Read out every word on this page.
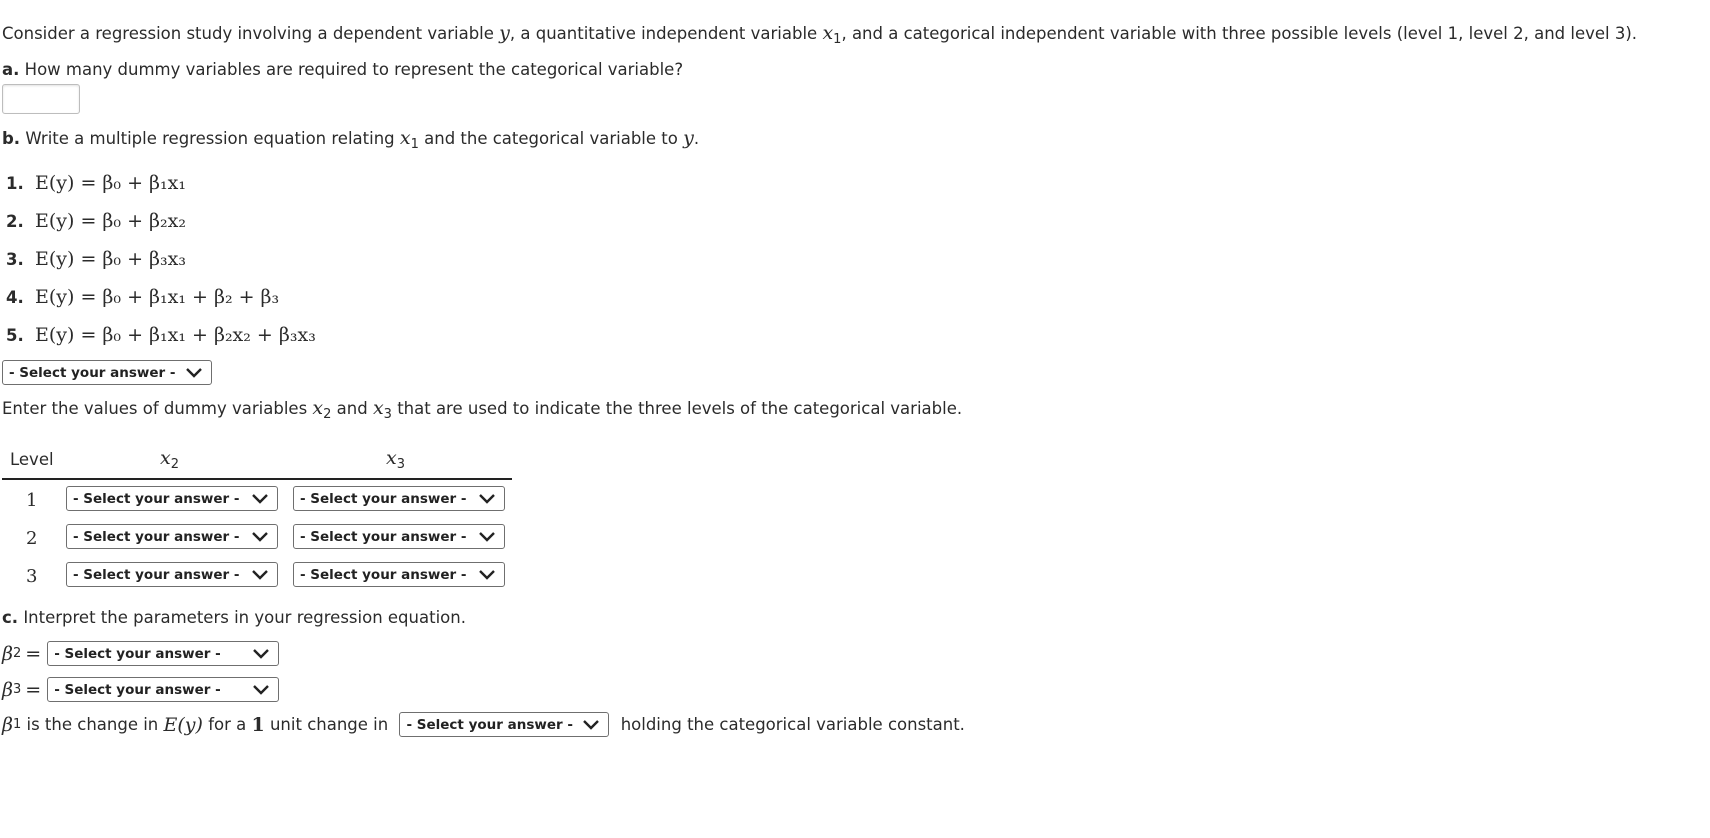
Consider a regression study involving a dependent variable y, a quantitative independent variable $x_1$, and a categorical independent variable with three possible levels (level 1, level 2, and level 3).

a. How many dummy variables are required to represent the categorical variable?

b. Write a multiple regression equation relating $x_1$ and the categorical variable to y.

1. E(y) = β₀ + β₁x₁
2. E(y) = β₀ + β₂x₂
3. E(y) = β₀ + β₃x₃
4. E(y) = β₀ + β₁x₁ + β₂ + β₃
5. E(y) = β₀ + β₁x₁ + β₂x₂ + β₃x₃
- Select your answer -

Enter the values of dummy variables $x_2$ and $x_3$ that are used to indicate the three levels of the categorical variable.

Level	$x_2$	$x_3$
1	- Select your answer -	- Select your answer -
2	- Select your answer -	- Select your answer -
3	- Select your answer -	- Select your answer -

c. Interpret the parameters in your regression equation.

β 2 = - Select your answer -
β 3 = - Select your answer -
β 1 is the change in E(y) for a 1 unit change in - Select your answer -	holding the categorical variable constant.
